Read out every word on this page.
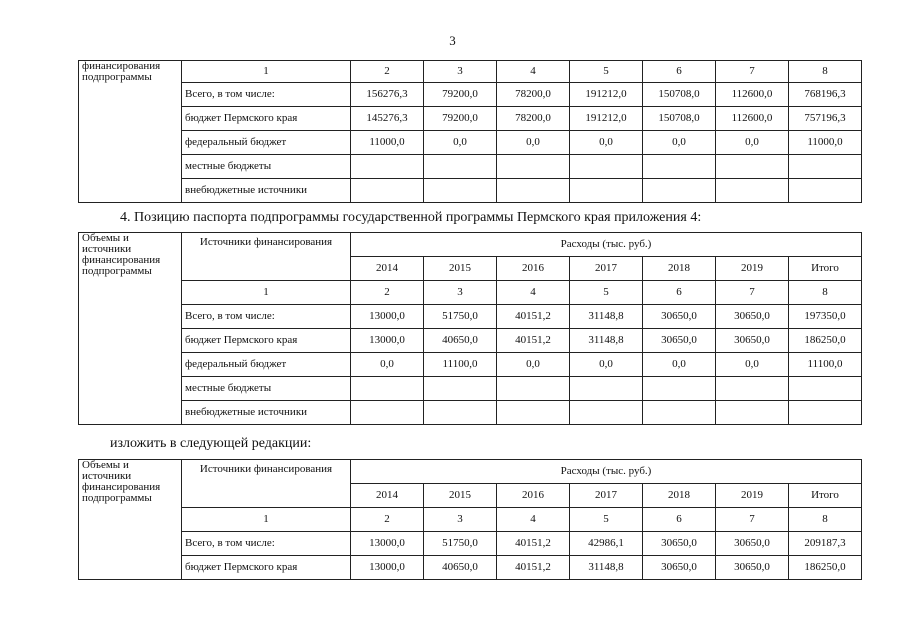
3
финансирования подпрограммы	1	2	3	4	5	6	7	8
	Всего, в том числе:	156276,3	79200,0	78200,0	191212,0	150708,0	112600,0	768196,3
	бюджет Пермского края	145276,3	79200,0	78200,0	191212,0	150708,0	112600,0	757196,3
	федеральный бюджет	11000,0	0,0	0,0	0,0	0,0	0,0	11000,0
	местные бюджеты							
	внебюджетные источники							
4. Позицию паспорта подпрограммы государственной программы Пермского края приложения 4:
Объемы и источники финансирования подпрограммы	Источники финансирования	Расходы (тыс. руб.)						
		2014	2015	2016	2017	2018	2019	Итого
	1	2	3	4	5	6	7	8
	Всего, в том числе:	13000,0	51750,0	40151,2	31148,8	30650,0	30650,0	197350,0
	бюджет Пермского края	13000,0	40650,0	40151,2	31148,8	30650,0	30650,0	186250,0
	федеральный бюджет	0,0	11100,0	0,0	0,0	0,0	0,0	11100,0
	местные бюджеты							
	внебюджетные источники							
изложить в следующей редакции:
Объемы и источники финансирования подпрограммы	Источники финансирования	Расходы (тыс. руб.)						
		2014	2015	2016	2017	2018	2019	Итого
	1	2	3	4	5	6	7	8
	Всего, в том числе:	13000,0	51750,0	40151,2	42986,1	30650,0	30650,0	209187,3
	бюджет Пермского края	13000,0	40650,0	40151,2	31148,8	30650,0	30650,0	186250,0
